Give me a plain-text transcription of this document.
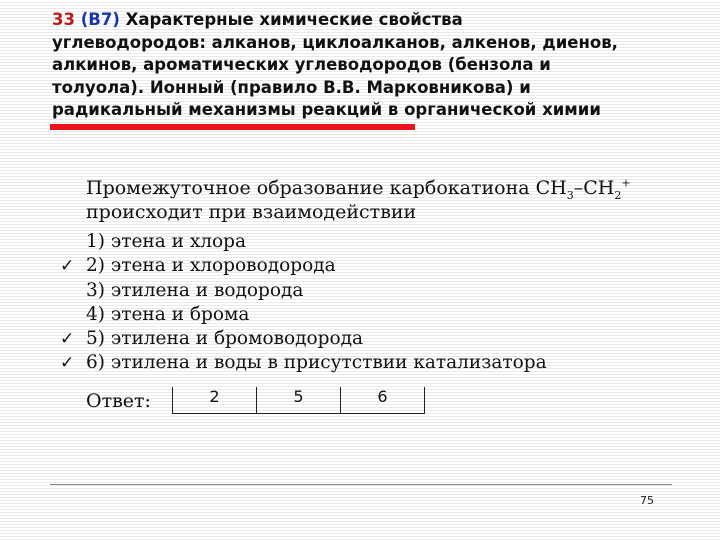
33 (B7) Характерные химические свойства
углеводородов: алканов, циклоалканов, алкенов, диенов,
алкинов, ароматических углеводородов (бензола и
толуола). Ионный (правило В.В. Марковникова) и
радикальный механизмы реакций в органической химии
Промежуточное образование карбокатиона $CH_3-CH_2^+$ происходит при взаимодействии
1) этена и хлора
✓ 2) этена и хлороводорода
3) этилена и водорода
4) этена и брома
✓ 5) этилена и бромоводорода
✓ 6) этилена и воды в присутствии катализатора
Ответ:	2	5	6
75
